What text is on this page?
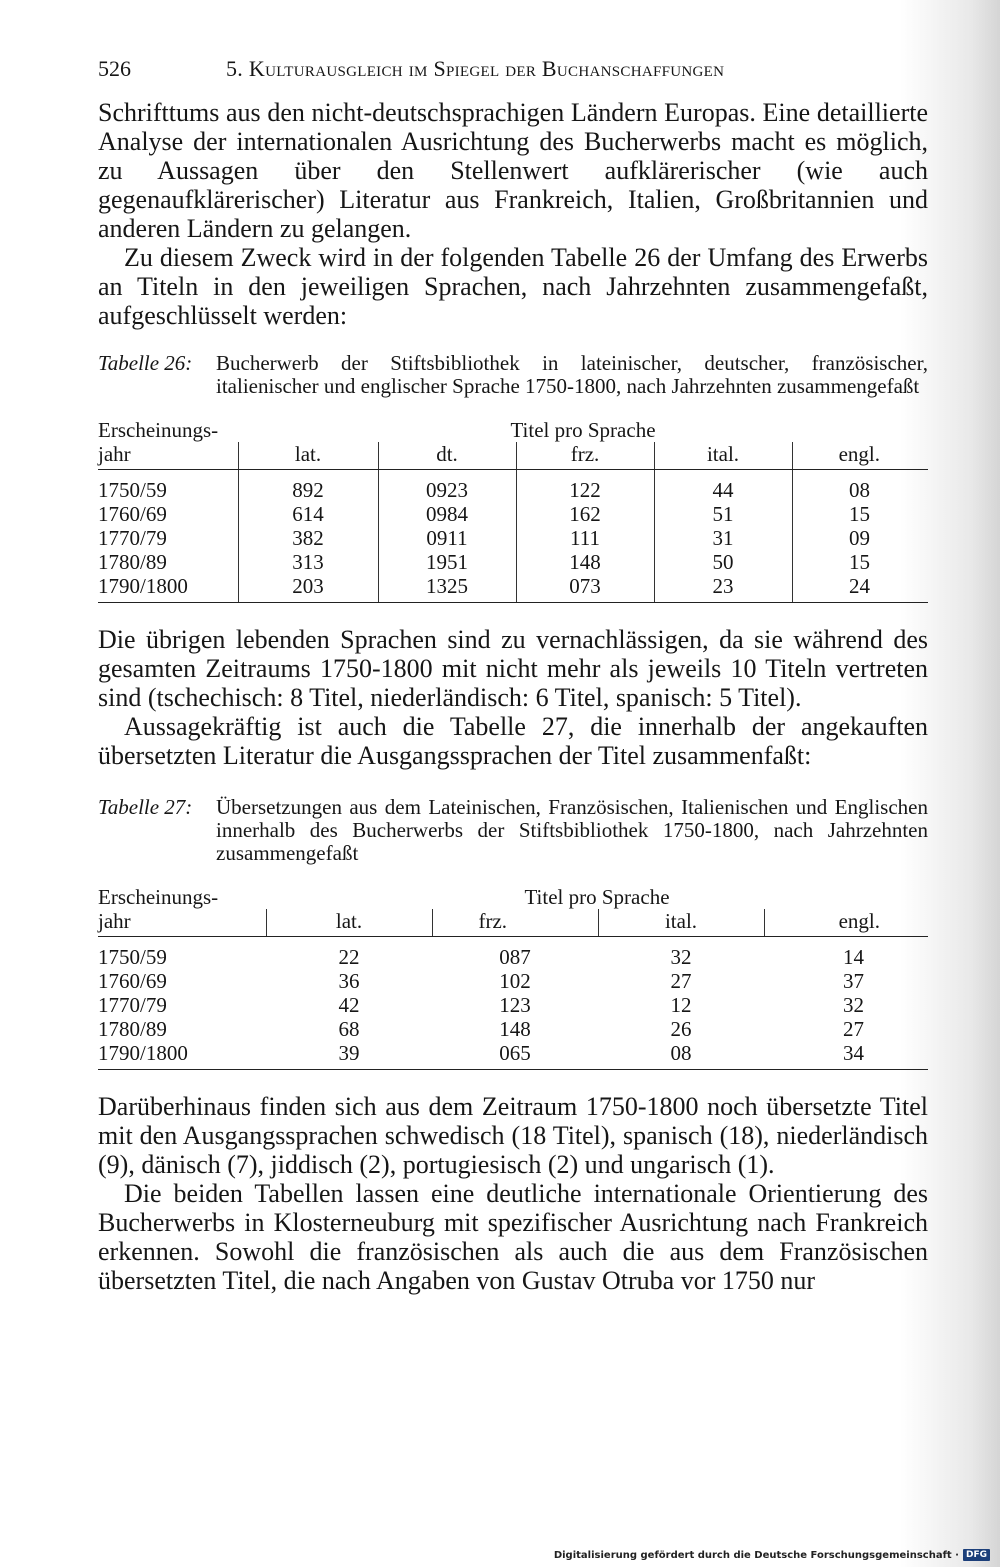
526	5. Kulturausgleich im Spiegel der Buchanschaffungen

Schrifttums aus den nicht-deutschsprachigen Ländern Europas. Eine detaillierte Analyse der internationalen Ausrichtung des Bucherwerbs macht es möglich, zu Aussagen über den Stellenwert aufklärerischer (wie auch gegenaufklärerischer) Literatur aus Frankreich, Italien, Großbritannien und anderen Ländern zu gelangen.

Zu diesem Zweck wird in der folgenden Tabelle 26 der Umfang des Erwerbs an Titeln in den jeweiligen Sprachen, nach Jahrzehnten zusammengefaßt, aufgeschlüsselt werden:

Tabelle 26: Bucherwerb der Stiftsbibliothek in lateinischer, deutscher, französischer, italienischer und englischer Sprache 1750-1800, nach Jahrzehnten zusammengefaßt
Erscheinungs-	Titel pro Sprache				
jahr	lat.	dt.	frz.	ital.	engl.
1750/59	892	0923	122	44	08
1760/69	614	0984	162	51	15
1770/79	382	0911	111	31	09
1780/89	313	1951	148	50	15
1790/1800	203	1325	073	23	24

Die übrigen lebenden Sprachen sind zu vernachlässigen, da sie während des gesamten Zeitraums 1750-1800 mit nicht mehr als jeweils 10 Titeln vertreten sind (tschechisch: 8 Titel, niederländisch: 6 Titel, spanisch: 5 Titel).

Aussagekräftig ist auch die Tabelle 27, die innerhalb der angekauften übersetzten Literatur die Ausgangssprachen der Titel zusammenfaßt:

Tabelle 27: Übersetzungen aus dem Lateinischen, Französischen, Italienischen und Englischen innerhalb des Bucherwerbs der Stiftsbibliothek 1750-1800, nach Jahrzehnten zusammengefaßt
Erscheinungs-	Titel pro Sprache			
jahr	lat.	frz.	ital.	engl.
1750/59	22	087	32	14
1760/69	36	102	27	37
1770/79	42	123	12	32
1780/89	68	148	26	27
1790/1800	39	065	08	34

Darüberhinaus finden sich aus dem Zeitraum 1750-1800 noch übersetzte Titel mit den Ausgangssprachen schwedisch (18 Titel), spanisch (18), niederländisch (9), dänisch (7), jiddisch (2), portugiesisch (2) und ungarisch (1).

Die beiden Tabellen lassen eine deutliche internationale Orientierung des Bucherwerbs in Klosterneuburg mit spezifischer Ausrichtung nach Frankreich erkennen. Sowohl die französischen als auch die aus dem Französischen übersetzten Titel, die nach Angaben von Gustav Otruba vor 1750 nur

Digitalisierung gefördert durch die Deutsche Forschungsgemeinschaft · DFG
